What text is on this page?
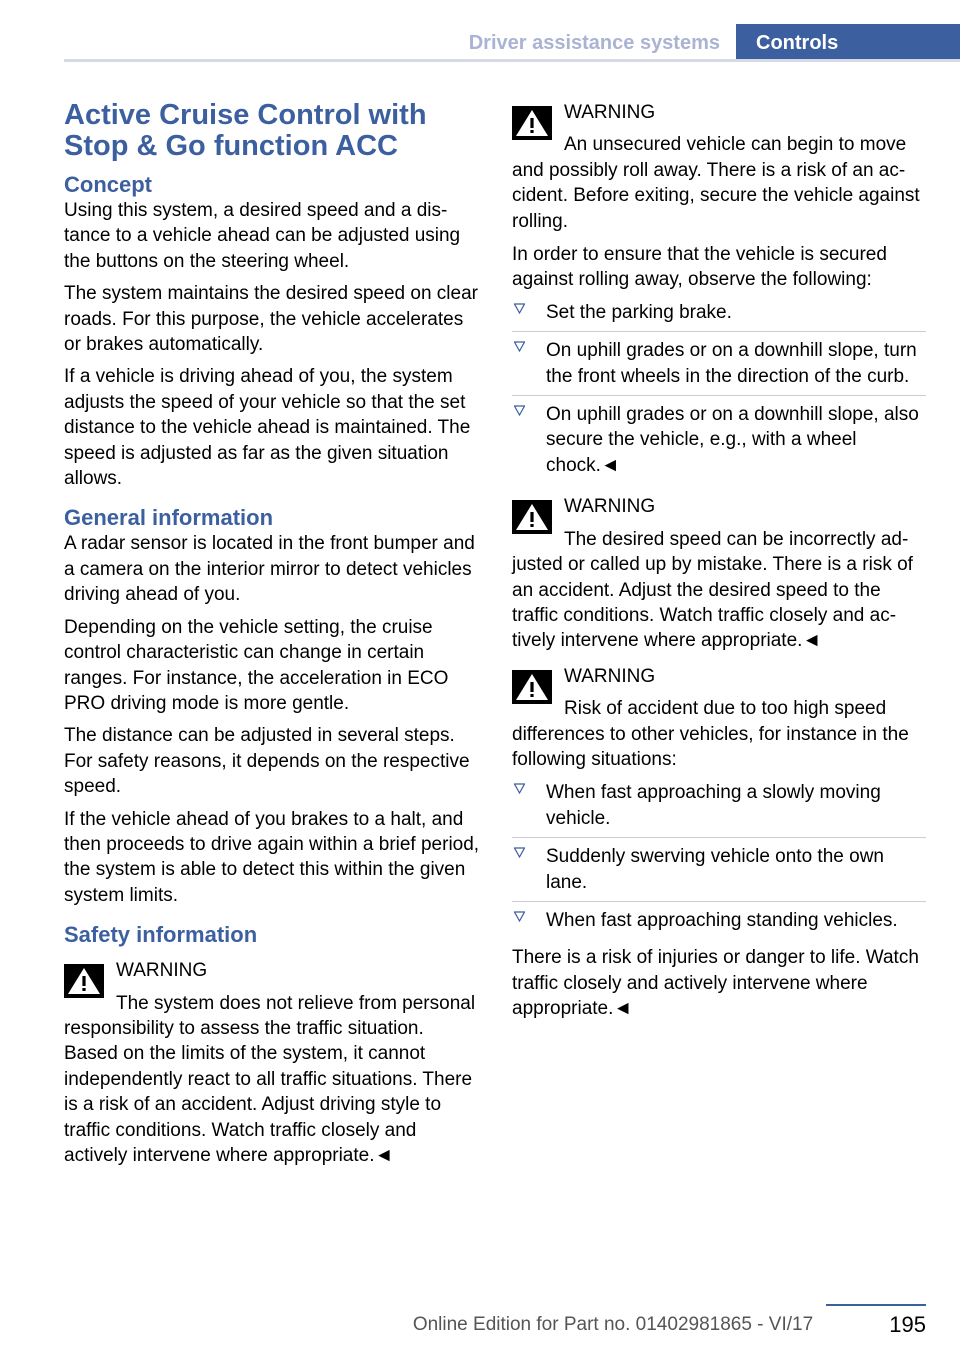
Driver assistance systems	Controls
Active Cruise Control with Stop & Go function ACC
Concept

Using this system, a desired speed and a distance to a vehicle ahead can be adjusted using the buttons on the steering wheel.

The system maintains the desired speed on clear roads. For this purpose, the vehicle accelerates or brakes automatically.

If a vehicle is driving ahead of you, the system adjusts the speed of your vehicle so that the set distance to the vehicle ahead is maintained. The speed is adjusted as far as the given situation allows.

General information

A radar sensor is located in the front bumper and a camera on the interior mirror to detect vehicles driving ahead of you.

Depending on the vehicle setting, the cruise control characteristic can change in certain ranges. For instance, the acceleration in ECO PRO driving mode is more gentle.

The distance can be adjusted in several steps. For safety reasons, it depends on the respective speed.

If the vehicle ahead of you brakes to a halt, and then proceeds to drive again within a brief period, the system is able to detect this within the given system limits.

Safety information
WARNING
The system does not relieve from personal responsibility to assess the traffic situation. Based on the limits of the system, it cannot independently react to all traffic situations. There is a risk of an accident. Adjust driving style to traffic conditions. Watch traffic closely and actively intervene where appropriate.◄
WARNING
An unsecured vehicle can begin to move and possibly roll away. There is a risk of an accident. Before exiting, secure the vehicle against rolling.

In order to ensure that the vehicle is secured against rolling away, observe the following:

Set the parking brake.
On uphill grades or on a downhill slope, turn the front wheels in the direction of the curb.
On uphill grades or on a downhill slope, also secure the vehicle, e.g., with a wheel chock.◄
WARNING
The desired speed can be incorrectly adjusted or called up by mistake. There is a risk of an accident. Adjust the desired speed to the traffic conditions. Watch traffic closely and actively intervene where appropriate.◄
WARNING
Risk of accident due to too high speed differences to other vehicles, for instance in the following situations:
When fast approaching a slowly moving vehicle.
Suddenly swerving vehicle onto the own lane.
When fast approaching standing vehicles.

There is a risk of injuries or danger to life. Watch traffic closely and actively intervene where appropriate.◄

195
Online Edition for Part no. 01402981865 - VI/17
